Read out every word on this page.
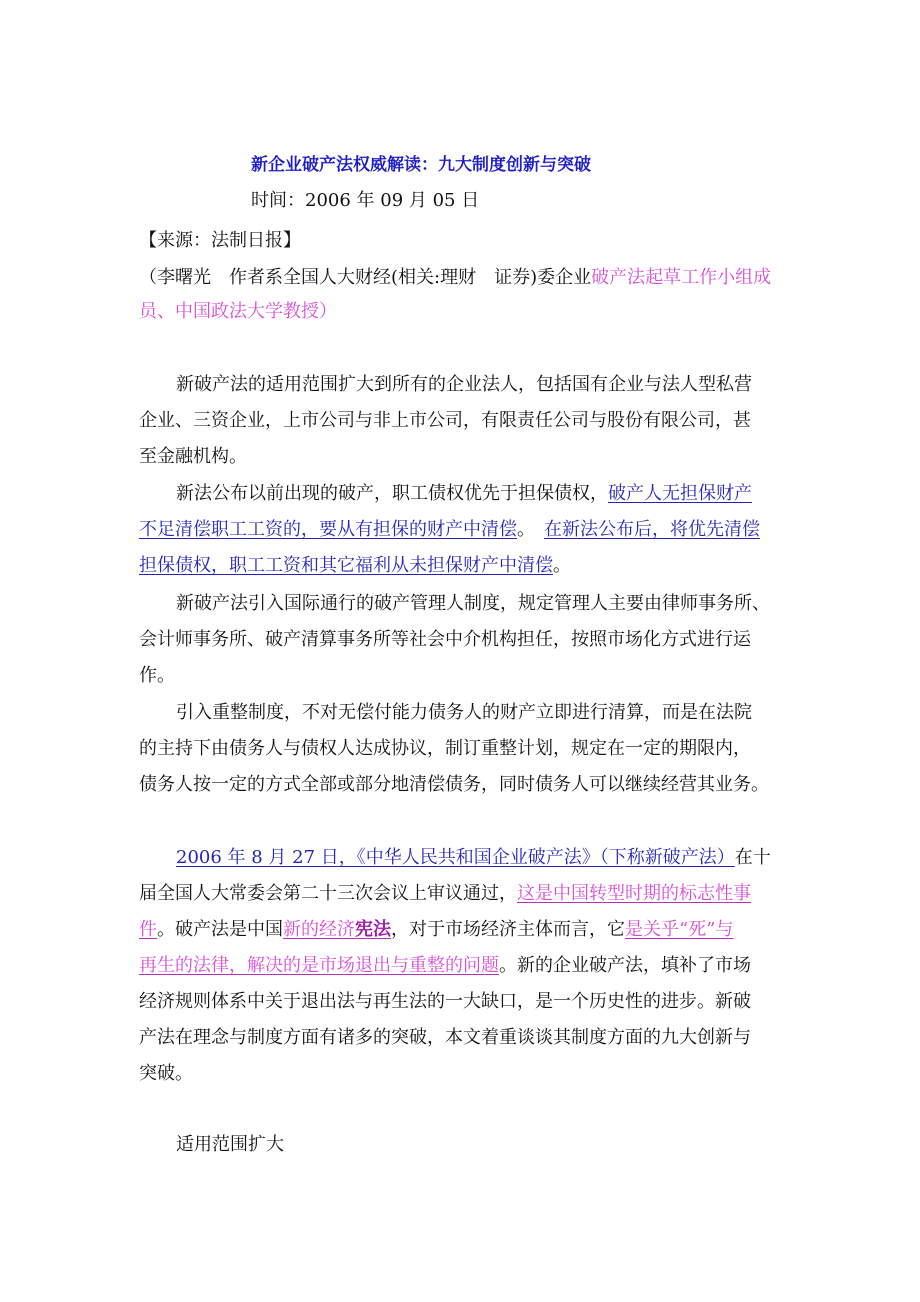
新企业破产法权威解读：九大制度创新与突破
时间：2006 年 09 月 05 日
【来源：法制日报】
（李曙光　作者系全国人大财经(相关:理财　证券)委企业破产法起草工作小组成
员、中国政法大学教授）
新破产法的适用范围扩大到所有的企业法人，包括国有企业与法人型私营
企业、三资企业，上市公司与非上市公司，有限责任公司与股份有限公司，甚
至金融机构。
新法公布以前出现的破产，职工债权优先于担保债权，破产人无担保财产
不足清偿职工工资的，要从有担保的财产中清偿。　在新法公布后，将优先清偿
担保债权，职工工资和其它福利从未担保财产中清偿。
新破产法引入国际通行的破产管理人制度，规定管理人主要由律师事务所、
会计师事务所、破产清算事务所等社会中介机构担任，按照市场化方式进行运
作。
引入重整制度，不对无偿付能力债务人的财产立即进行清算，而是在法院
的主持下由债务人与债权人达成协议，制订重整计划，规定在一定的期限内，
债务人按一定的方式全部或部分地清偿债务，同时债务人可以继续经营其业务。
2006 年 8 月 27 日，《中华人民共和国企业破产法》（下称新破产法）在十
届全国人大常委会第二十三次会议上审议通过，这是中国转型时期的标志性事
件。破产法是中国新的经济宪法，对于市场经济主体而言，它是关乎“死”与
再生的法律，解决的是市场退出与重整的问题。新的企业破产法，填补了市场
经济规则体系中关于退出法与再生法的一大缺口，是一个历史性的进步。新破
产法在理念与制度方面有诸多的突破，本文着重谈谈其制度方面的九大创新与
突破。
适用范围扩大
